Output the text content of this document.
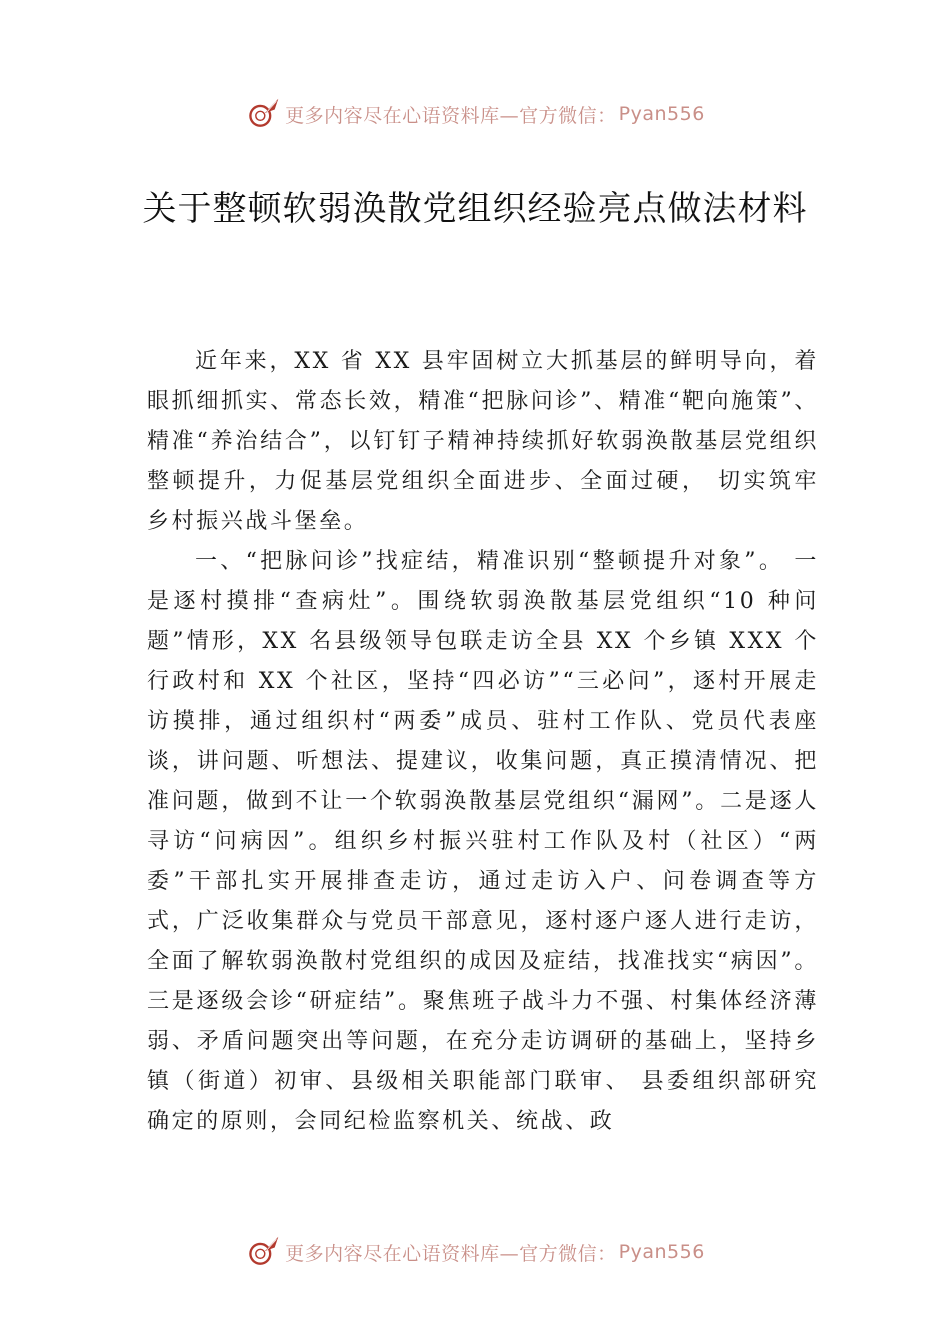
更多内容尽在心语资料库—官方微信： Pyan556
关于整顿软弱涣散党组织经验亮点做法材料

近年来，XX 省 XX 县牢固树立大抓基层的鲜明导向，着眼抓细抓实、常态长效，精准“把脉问诊”、精准“靶向施策”、精准“养治结合”，以钉钉子精神持续抓好软弱涣散基层党组织整顿提升，力促基层党组织全面进步、全面过硬， 切实筑牢乡村振兴战斗堡垒。

一、“把脉问诊”找症结，精准识别“整顿提升对象”。 一是逐村摸排“查病灶”。围绕软弱涣散基层党组织“10 种问题”情形，XX 名县级领导包联走访全县 XX 个乡镇 XXX 个行政村和 XX 个社区，坚持“四必访”“三必问”，逐村开展走访摸排，通过组织村“两委”成员、驻村工作队、党员代表座谈，讲问题、听想法、提建议，收集问题，真正摸清情况、把准问题，做到不让一个软弱涣散基层党组织“漏网”。二是逐人寻访“问病因”。组织乡村振兴驻村工作队及村（社区）“两委”干部扎实开展排查走访，通过走访入户、问卷调查等方式，广泛收集群众与党员干部意见，逐村逐户逐人进行走访，全面了解软弱涣散村党组织的成因及症结，找准找实“病因”。三是逐级会诊“研症结”。聚焦班子战斗力不强、村集体经济薄弱、矛盾问题突出等问题，在充分走访调研的基础上，坚持乡镇（街道）初审、县级相关职能部门联审、 县委组织部研究确定的原则，会同纪检监察机关、统战、政

更多内容尽在心语资料库—官方微信： Pyan556
